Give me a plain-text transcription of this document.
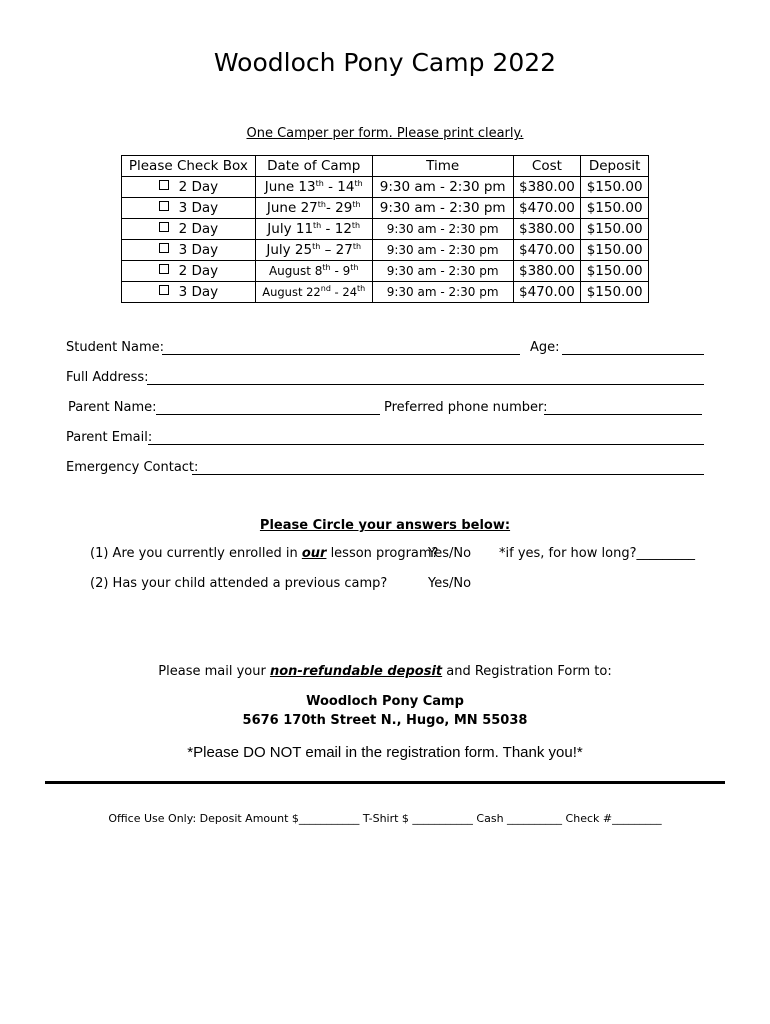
Woodloch Pony Camp 2022
One Camper per form. Please print clearly.
Please Check Box	Date of Camp	Time	Cost	Deposit
2 Day	June 13th - 14th	9:30 am - 2:30 pm	$380.00	$150.00
3 Day	June 27th- 29th	9:30 am - 2:30 pm	$470.00	$150.00
2 Day	July 11th - 12th	9:30 am - 2:30 pm	$380.00	$150.00
3 Day	July 25th – 27th	9:30 am - 2:30 pm	$470.00	$150.00
2 Day	August 8th - 9th	9:30 am - 2:30 pm	$380.00	$150.00
3 Day	August 22nd - 24th	9:30 am - 2:30 pm	$470.00	$150.00
Student Name:	Age:
Full Address:
Parent Name:	Preferred phone number:
Parent Email:
Emergency Contact:
Please Circle your answers below:
(1) Are you currently enrolled in our lesson program?
Yes/No *if yes, for how long?_________
(2) Has your child attended a previous camp?	Yes/No
Please mail your non-refundable deposit and Registration Form to:
Woodloch Pony Camp
5676 170th Street N., Hugo, MN 55038
*Please DO NOT email in the registration form. Thank you!*
Office Use Only: Deposit Amount $___________ T-Shirt $ ___________ Cash __________ Check #_________
